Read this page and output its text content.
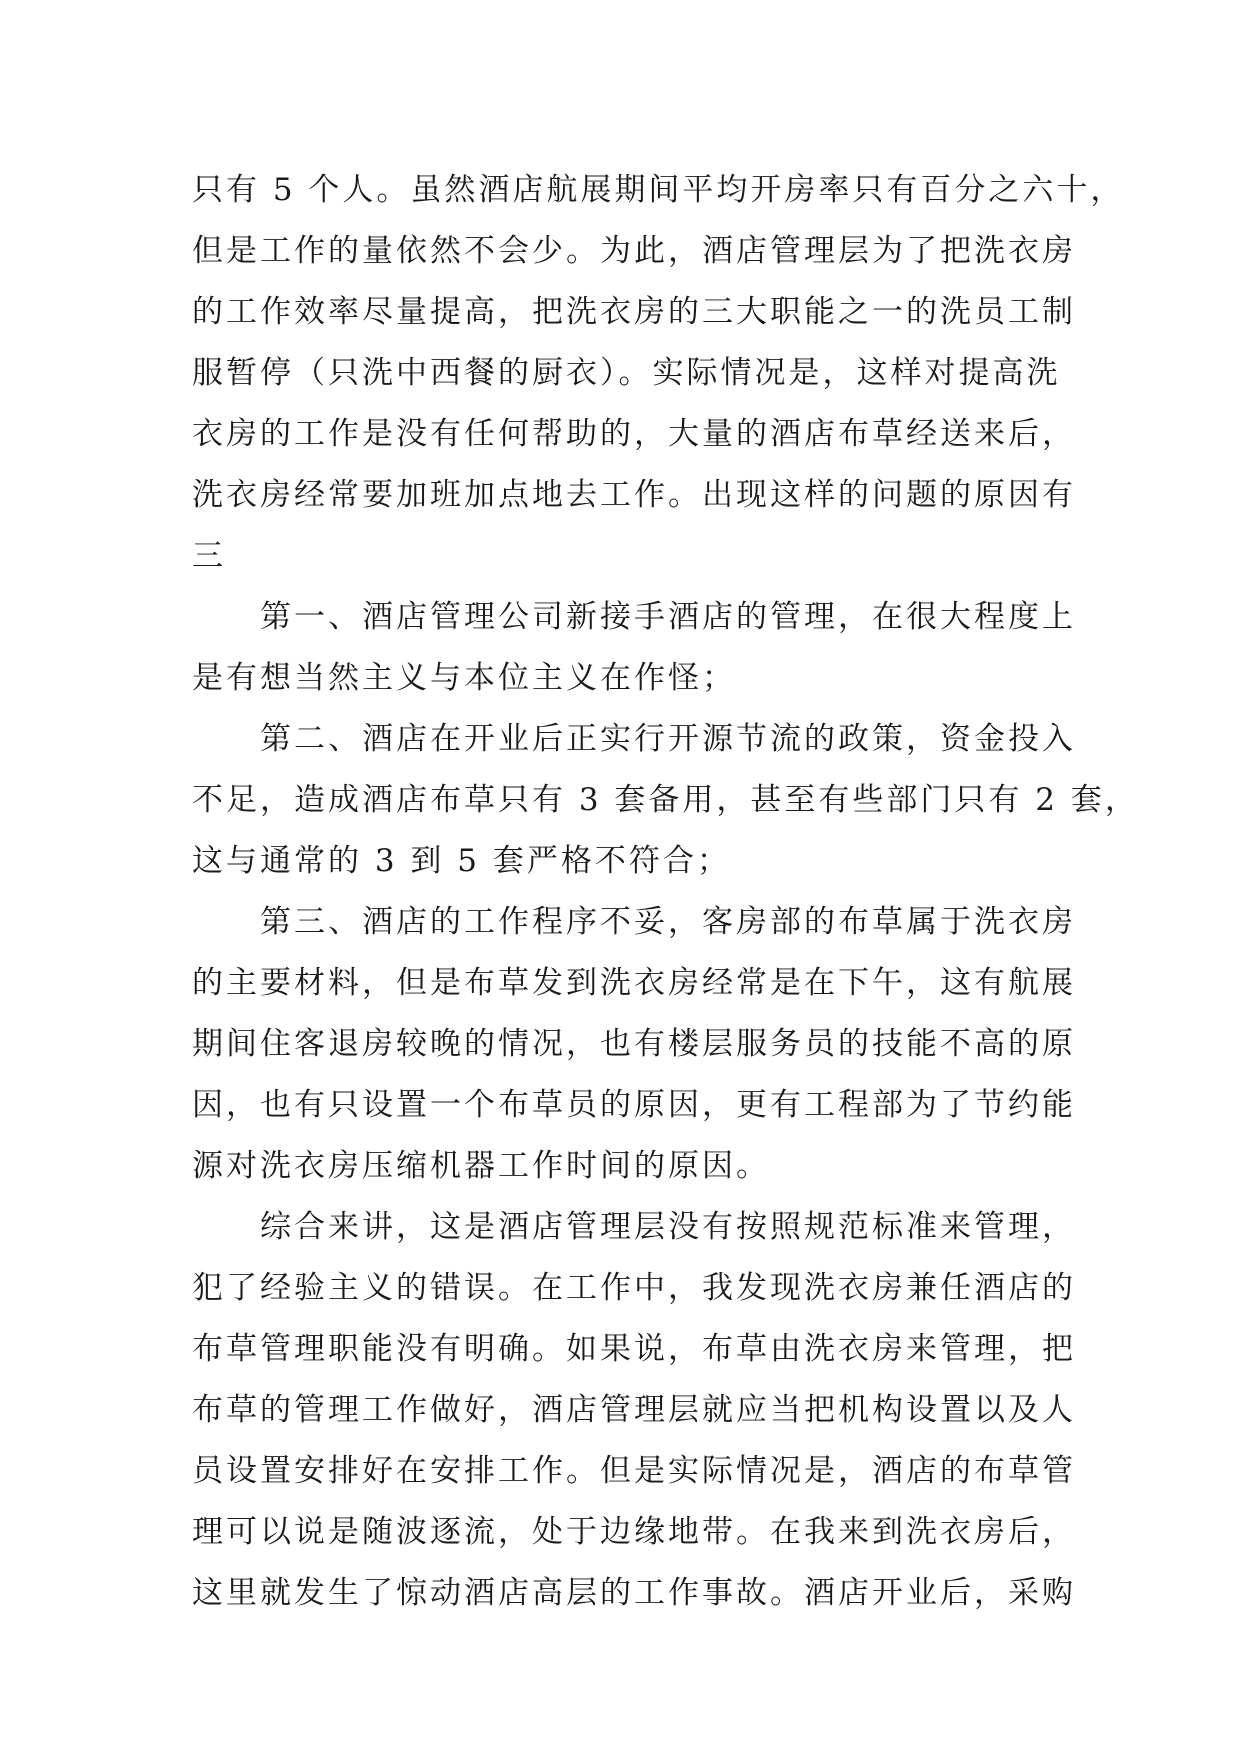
只有 5 个人。虽然酒店航展期间平均开房率只有百分之六十，
但是工作的量依然不会少。为此，酒店管理层为了把洗衣房
的工作效率尽量提高，把洗衣房的三大职能之一的洗员工制
服暂停（只洗中西餐的厨衣）。实际情况是，这样对提高洗
衣房的工作是没有任何帮助的，大量的酒店布草经送来后，
洗衣房经常要加班加点地去工作。出现这样的问题的原因有
三
第一、酒店管理公司新接手酒店的管理，在很大程度上
是有想当然主义与本位主义在作怪；
第二、酒店在开业后正实行开源节流的政策，资金投入
不足，造成酒店布草只有 3 套备用，甚至有些部门只有 2 套，
这与通常的 3 到 5 套严格不符合；
第三、酒店的工作程序不妥，客房部的布草属于洗衣房
的主要材料，但是布草发到洗衣房经常是在下午，这有航展
期间住客退房较晚的情况，也有楼层服务员的技能不高的原
因，也有只设置一个布草员的原因，更有工程部为了节约能
源对洗衣房压缩机器工作时间的原因。
综合来讲，这是酒店管理层没有按照规范标准来管理，
犯了经验主义的错误。在工作中，我发现洗衣房兼任酒店的
布草管理职能没有明确。如果说，布草由洗衣房来管理，把
布草的管理工作做好，酒店管理层就应当把机构设置以及人
员设置安排好在安排工作。但是实际情况是，酒店的布草管
理可以说是随波逐流，处于边缘地带。在我来到洗衣房后，
这里就发生了惊动酒店高层的工作事故。酒店开业后，采购
